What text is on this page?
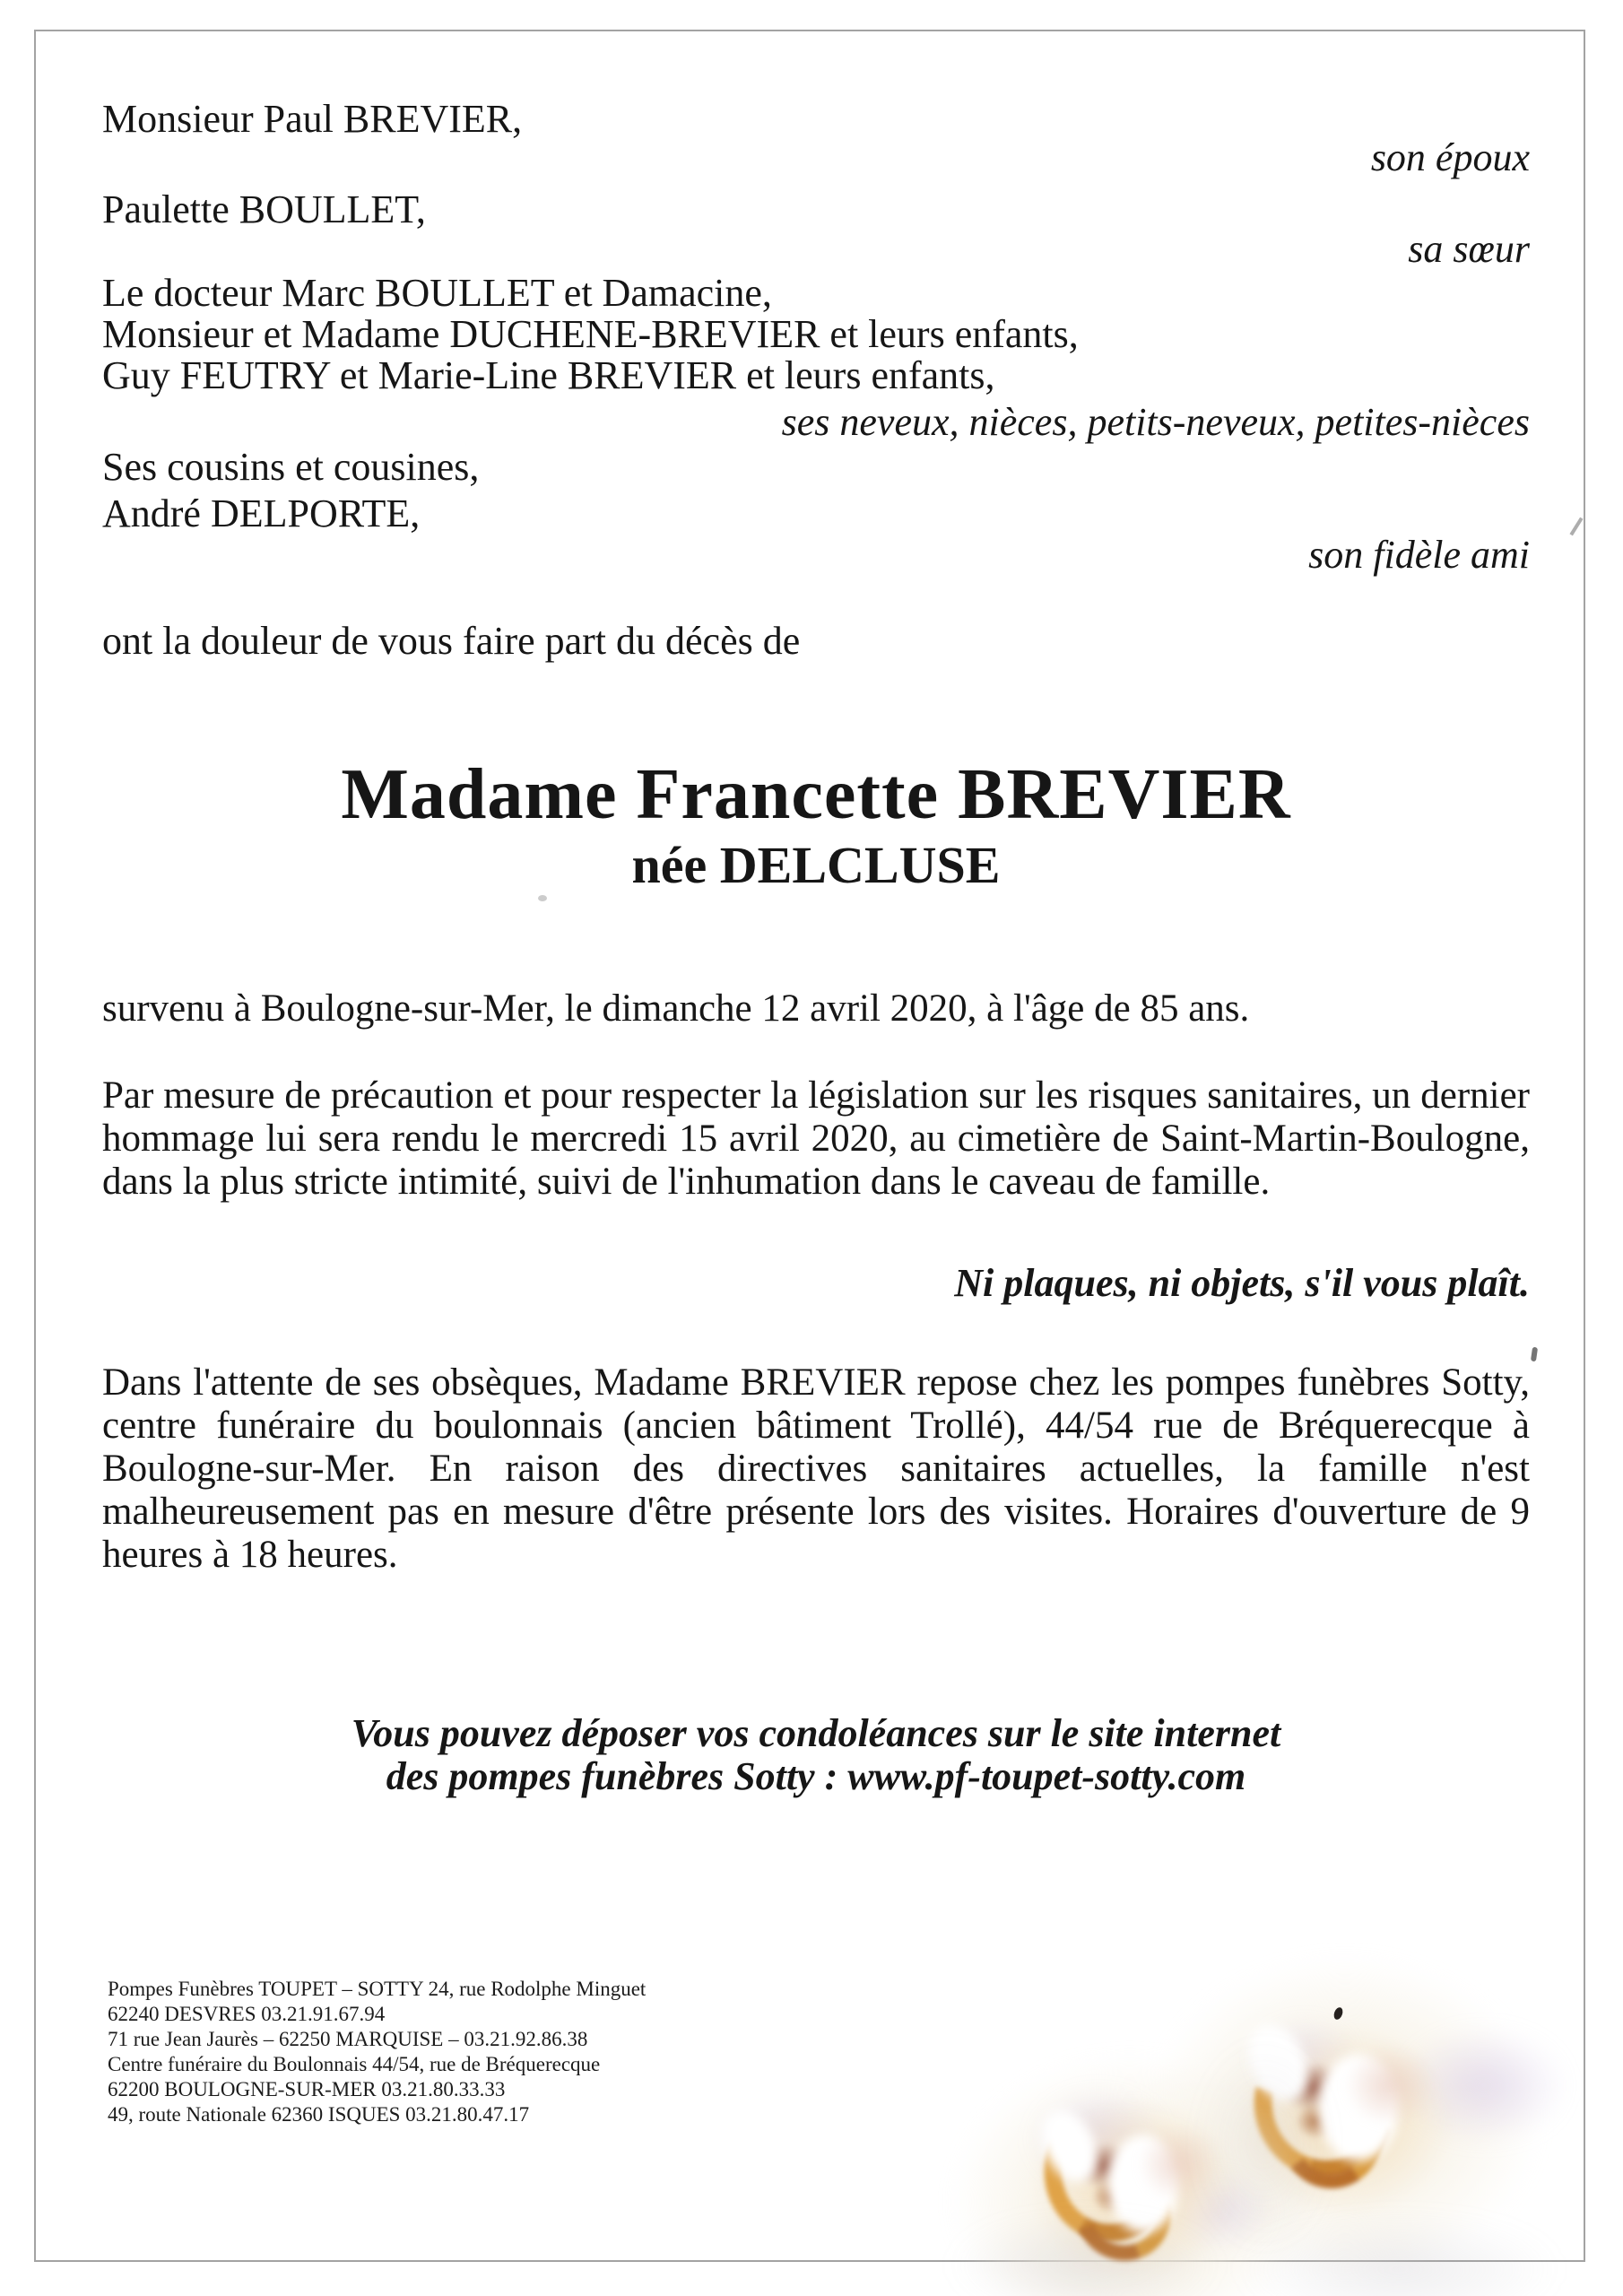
Monsieur Paul BREVIER,
son époux
Paulette BOULLET,
sa sœur
Le docteur Marc BOULLET et Damacine,
Monsieur et Madame DUCHENE-BREVIER et leurs enfants,
Guy FEUTRY et Marie-Line BREVIER et leurs enfants,
ses neveux, nièces, petits-neveux, petites-nièces
Ses cousins et cousines,
André DELPORTE,
son fidèle ami
ont la douleur de vous faire part du décès de
Madame Francette BREVIER
née DELCLUSE
survenu à Boulogne-sur-Mer, le dimanche 12 avril 2020, à l'âge de 85 ans.
Par mesure de précaution et pour respecter la législation sur les risques sanitaires, un dernier hommage lui sera rendu le mercredi 15 avril 2020, au cimetière de Saint-Martin-Boulogne, dans la plus stricte intimité, suivi de l'inhumation dans le caveau de famille.
Ni plaques, ni objets, s'il vous plaît.
Dans l'attente de ses obsèques, Madame BREVIER repose chez les pompes funèbres Sotty, centre funéraire du boulonnais (ancien bâtiment Trollé), 44/54 rue de Bréquerecque à Boulogne-sur-Mer. En raison des directives sanitaires actuelles, la famille n'est malheureusement pas en mesure d'être présente lors des visites. Horaires d'ouverture de 9 heures à 18 heures.
Vous pouvez déposer vos condoléances sur le site internet
des pompes funèbres Sotty : www.pf-toupet-sotty.com
Pompes Funèbres TOUPET – SOTTY 24, rue Rodolphe Minguet
62240 DESVRES 03.21.91.67.94
71 rue Jean Jaurès – 62250 MARQUISE – 03.21.92.86.38
Centre funéraire du Boulonnais 44/54, rue de Bréquerecque
62200 BOULOGNE-SUR-MER 03.21.80.33.33
49, route Nationale 62360 ISQUES 03.21.80.47.17
